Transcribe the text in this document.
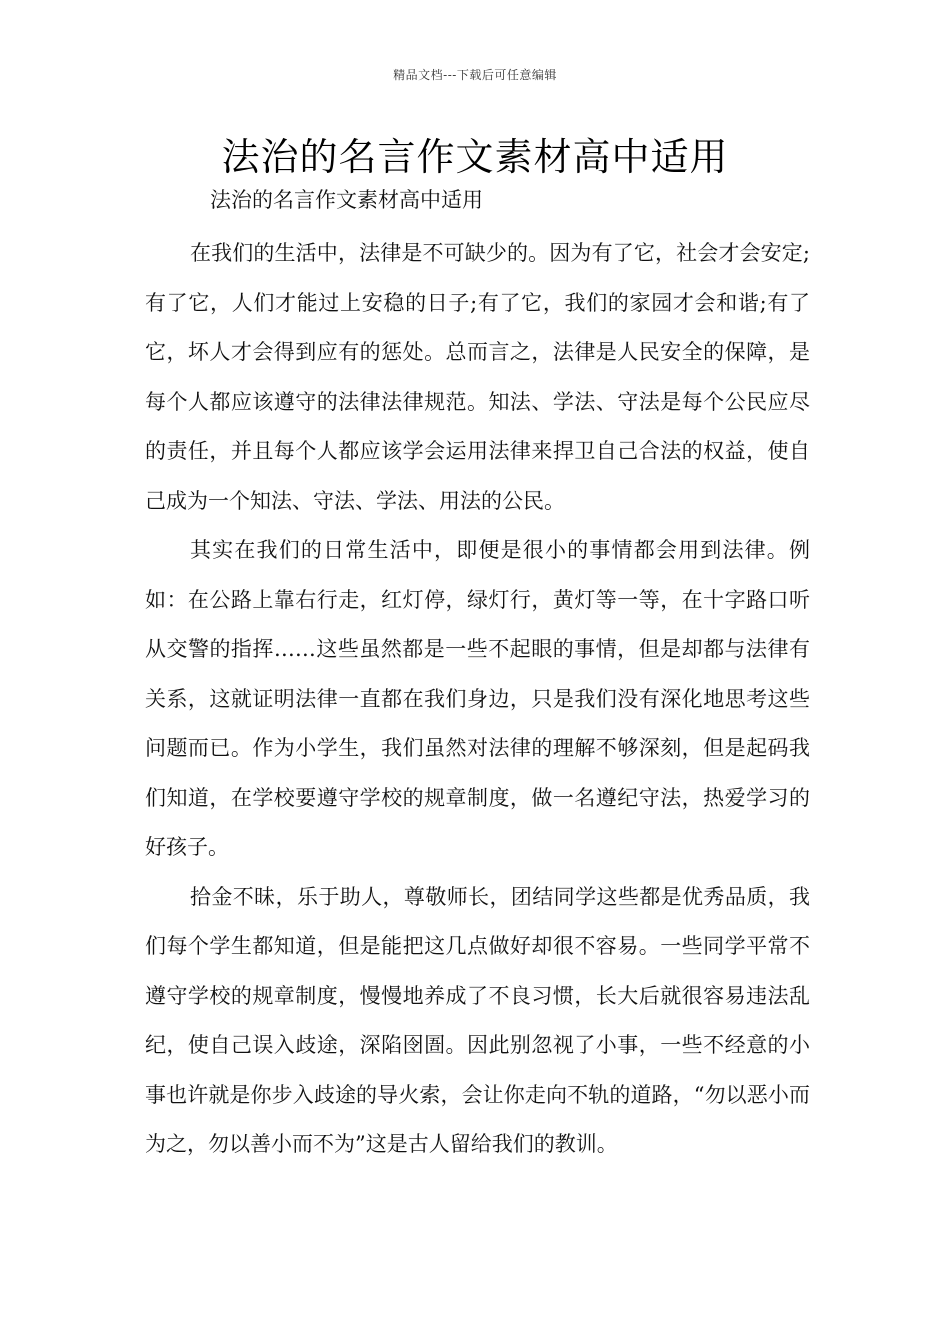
精品文档---下载后可任意编辑
法治的名言作文素材高中适用
法治的名言作文素材高中适用

在我们的生活中，法律是不可缺少的。因为有了它，社会才会安定;有了它，人们才能过上安稳的日子;有了它，我们的家园才会和谐;有了它，坏人才会得到应有的惩处。总而言之，法律是人民安全的保障，是每个人都应该遵守的法律法律规范。知法、学法、守法是每个公民应尽的责任，并且每个人都应该学会运用法律来捍卫自己合法的权益，使自己成为一个知法、守法、学法、用法的公民。

其实在我们的日常生活中，即便是很小的事情都会用到法律。例如：在公路上靠右行走，红灯停，绿灯行，黄灯等一等，在十字路口听从交警的指挥……这些虽然都是一些不起眼的事情，但是却都与法律有关系，这就证明法律一直都在我们身边，只是我们没有深化地思考这些问题而已。作为小学生，我们虽然对法律的理解不够深刻，但是起码我们知道，在学校要遵守学校的规章制度，做一名遵纪守法，热爱学习的好孩子。

拾金不昧，乐于助人，尊敬师长，团结同学这些都是优秀品质，我们每个学生都知道，但是能把这几点做好却很不容易。一些同学平常不遵守学校的规章制度，慢慢地养成了不良习惯，长大后就很容易违法乱纪，使自己误入歧途，深陷囹圄。因此别忽视了小事，一些不经意的小事也许就是你步入歧途的导火索，会让你走向不轨的道路，“勿以恶小而为之，勿以善小而不为”这是古人留给我们的教训。
